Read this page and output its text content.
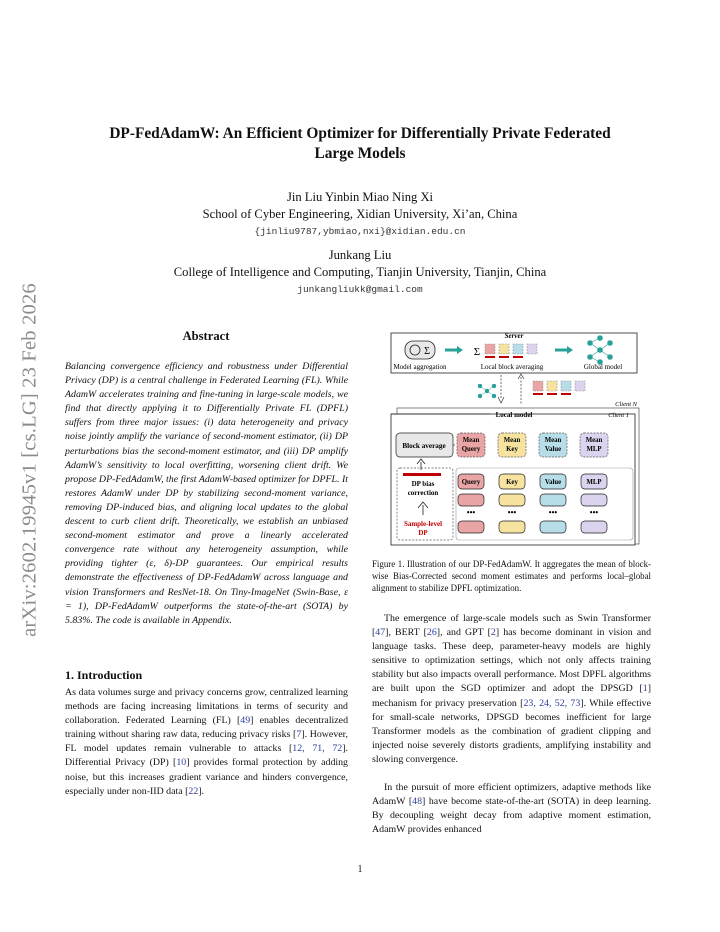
arXiv:2602.19945v1 [cs.LG] 23 Feb 2026
DP-FedAdamW: An Efficient Optimizer for Differentially Private Federated
Large Models
Jin Liu Yinbin Miao Ning Xi
School of Cyber Engineering, Xidian University, Xi’an, China
{jinliu9787,ybmiao,nxi}@xidian.edu.cn
Junkang Liu
College of Intelligence and Computing, Tianjin University, Tianjin, China
junkangliukk@gmail.com
Abstract

Balancing convergence efficiency and robustness under Differential Privacy (DP) is a central challenge in Federated Learning (FL). While AdamW accelerates training and fine-tuning in large-scale models, we find that directly applying it to Differentially Private FL (DPFL) suffers from three major issues: (i) data heterogeneity and privacy noise jointly amplify the variance of second-moment estimator, (ii) DP perturbations bias the second-moment estimator, and (iii) DP amplify AdamW’s sensitivity to local overfitting, worsening client drift. We propose DP-FedAdamW, the first AdamW-based optimizer for DPFL. It restores AdamW under DP by stabilizing second-moment variance, removing DP-induced bias, and aligning local updates to the global descent to curb client drift. Theoretically, we establish an unbiased second-moment estimator and prove a linearly accelerated convergence rate without any heterogeneity assumption, while providing tighter (ε, δ)-DP guarantees. Our empirical results demonstrate the effectiveness of DP-FedAdamW across language and vision Transformers and ResNet-18. On Tiny-ImageNet (Swin-Base, ε = 1), DP-FedAdamW outperforms the state-of-the-art (SOTA) by 5.83%. The code is available in Appendix.

1. Introduction

As data volumes surge and privacy concerns grow, centralized learning methods are facing increasing limitations in terms of security and collaboration. Federated Learning (FL) [49] enables decentralized training without sharing raw data, reducing privacy risks [7]. However, FL model updates remain vulnerable to attacks [12, 71, 72]. Differential Privacy (DP) [10] provides formal protection by adding noise, but this increases gradient variance and hinders convergence, especially under non-IID data [22].

Server
Σ
Model aggregation
Σ
Local block averaging	Global model
Client N
Client 1
Local model
Block average
Mean
Query
Mean
Key
Mean
Value
Mean
MLP
DP bias
correction
Sample-level
DP
Query
•••
Key
•••
Value
•••
MLP
•••

Figure 1. Illustration of our DP-FedAdamW. It aggregates the mean of block-wise Bias-Corrected second moment estimates and performs local–global alignment to stabilize DPFL optimization.

The emergence of large-scale models such as Swin Transformer [47], BERT [26], and GPT [2] has become dominant in vision and language tasks. These deep, parameter-heavy models are highly sensitive to optimization settings, which not only affects training stability but also impacts overall performance. Most DPFL algorithms are built upon the SGD optimizer and adopt the DPSGD [1] mechanism for privacy preservation [23, 24, 52, 73]. While effective for small-scale networks, DPSGD becomes inefficient for large Transformer models as the combination of gradient clipping and injected noise severely distorts gradients, amplifying instability and slowing convergence.

In the pursuit of more efficient optimizers, adaptive methods like AdamW [48] have become state-of-the-art (SOTA) in deep learning. By decoupling weight decay from adaptive moment estimation, AdamW provides enhanced

1
